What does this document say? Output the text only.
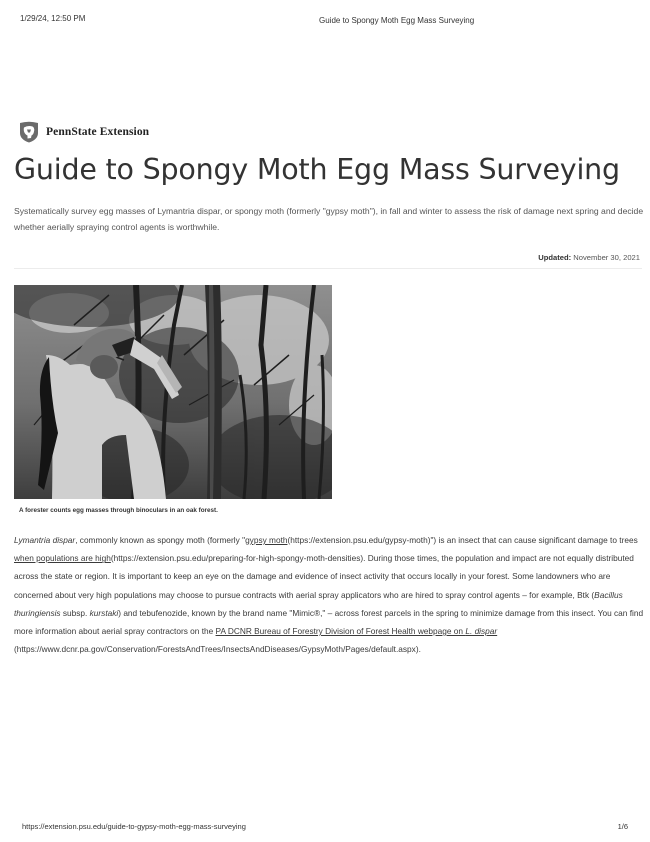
1/29/24, 12:50 PM	Guide to Spongy Moth Egg Mass Surveying
PennState Extension
Guide to Spongy Moth Egg Mass Surveying

Systematically survey egg masses of Lymantria dispar, or spongy moth (formerly "gypsy moth"), in fall and winter to assess the risk of damage next spring and decide whether aerially spraying control agents is worthwhile.

Updated: November 30, 2021
A forester counts egg masses through binoculars in an oak forest.

Lymantria dispar, commonly known as spongy moth (formerly "gypsy moth(https://extension.psu.edu/gypsy-moth)") is an insect that can cause significant damage to trees when populations are high(https://extension.psu.edu/preparing-for-high-spongy-moth-densities). During those times, the population and impact are not equally distributed across the state or region. It is important to keep an eye on the damage and evidence of insect activity that occurs locally in your forest. Some landowners who are concerned about very high populations may choose to pursue contracts with aerial spray applicators who are hired to spray control agents – for example, Btk (Bacillus thuringiensis subsp. kurstaki) and tebufenozide, known by the brand name "Mimic®," – across forest parcels in the spring to minimize damage from this insect. You can find more information about aerial spray contractors on the PA DCNR Bureau of Forestry Division of Forest Health webpage on L. dispar
(https://www.dcnr.pa.gov/Conservation/ForestsAndTrees/InsectsAndDiseases/GypsyMoth/Pages/default.aspx).

https://extension.psu.edu/guide-to-gypsy-moth-egg-mass-surveying	1/6
